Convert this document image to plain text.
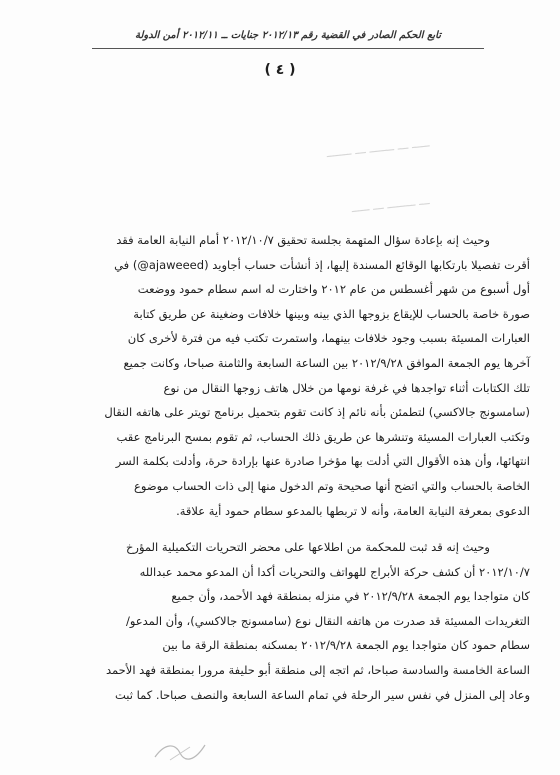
تابع الحكم الصادر في القضية رقم ٢٠١٢/١٣ جنايات ــ ٢٠١٢/١١ أمن الدولة
( ٤ )
ـــــ ـــ ـــــــ ـــ ـــــــ
ـــ ــــــــ ـــ ـــــ
وحيث إنه بإعادة سؤال المتهمة بجلسة تحقيق ٢٠١٢/١٠/٧ أمام النيابة العامة فقد
أقرت تفصيلا بارتكابها الوقائع المسندة إليها، إذ أنشأت حساب أجاويد (ajaweeed@) في
أول أسبوع من شهر أغسطس من عام ٢٠١٢ واختارت له اسم سطام حمود ووضعت
صورة خاصة بالحساب للإيقاع بزوجها الذي بينه وبينها خلافات وضغينة عن طريق كتابة
العبارات المسيئة بسبب وجود خلافات بينهما، واستمرت تكتب فيه من فترة لأخرى كان
آخرها يوم الجمعة الموافق ٢٠١٢/٩/٢٨ بين الساعة السابعة والثامنة صباحا، وكانت جميع
تلك الكتابات أثناء تواجدها في غرفة نومها من خلال هاتف زوجها النقال من نوع
(سامسونج جالاكسي) لتطمئن بأنه نائم إذ كانت تقوم بتحميل برنامج تويتر على هاتفه النقال
وتكتب العبارات المسيئة وتنشرها عن طريق ذلك الحساب، ثم تقوم بمسح البرنامج عقب
انتهائها، وأن هذه الأقوال التي أدلت بها مؤخرا صادرة عنها بإرادة حرة، وأدلت بكلمة السر
الخاصة بالحساب والتي اتضح أنها صحيحة وتم الدخول منها إلى ذات الحساب موضوع
الدعوى بمعرفة النيابة العامة، وأنه لا تربطها بالمدعو سطام حمود أية علاقة.
وحيث إنه قد ثبت للمحكمة من اطلاعها على محضر التحريات التكميلية المؤرخ
٢٠١٢/١٠/٧ أن كشف حركة الأبراج للهواتف والتحريات أكدا أن المدعو محمد عبدالله
كان متواجدا يوم الجمعة ٢٠١٢/٩/٢٨ في منزله بمنطقة فهد الأحمد، وأن جميع
التغريدات المسيئة قد صدرت من هاتفه النقال نوع (سامسونج جالاكسي)، وأن المدعو/
سطام حمود كان متواجدا يوم الجمعة ٢٠١٢/٩/٢٨ بمسكنه بمنطقة الرقة ما بين
الساعة الخامسة والسادسة صباحا، ثم اتجه إلى منطقة أبو حليفة مرورا بمنطقة فهد الأحمد
وعاد إلى المنزل في نفس سير الرحلة في تمام الساعة السابعة والنصف صباحا. كما ثبت
